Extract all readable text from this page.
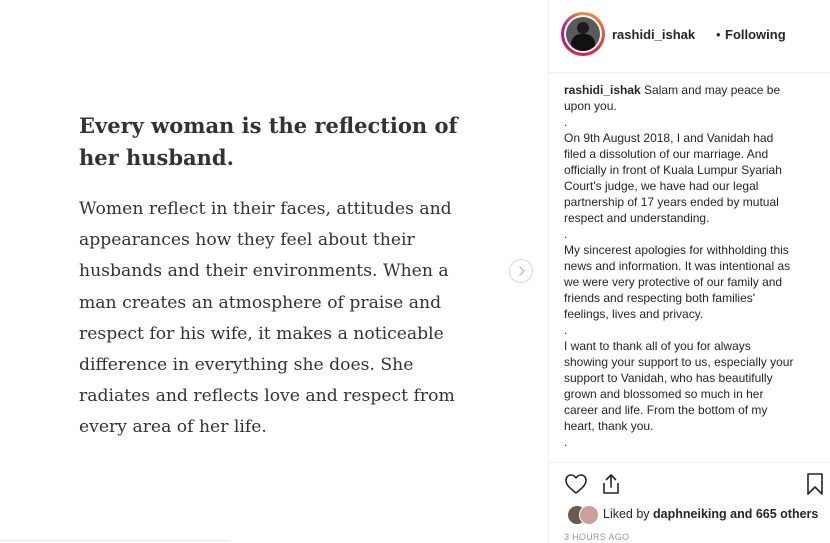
Every woman is the reflection of
her husband.
Women reflect in their faces, attitudes and
appearances how they feel about their
husbands and their environments. When a
man creates an atmosphere of praise and
respect for his wife, it makes a noticeable
difference in everything she does. She
radiates and reflects love and respect from
every area of her life.
rashidi_ishak • Following
rashidi_ishak Salam and may peace be
upon you.
.
On 9th August 2018, I and Vanidah had
filed a dissolution of our marriage. And
officially in front of Kuala Lumpur Syariah
Court's judge, we have had our legal
partnership of 17 years ended by mutual
respect and understanding.
.
My sincerest apologies for withholding this
news and information. It was intentional as
we were very protective of our family and
friends and respecting both families'
feelings, lives and privacy.
.
I want to thank all of you for always
showing your support to us, especially your
support to Vanidah, who has beautifully
grown and blossomed so much in her
career and life. From the bottom of my
heart, thank you.
.
Liked by daphneiking and 665 others
3 HOURS AGO
